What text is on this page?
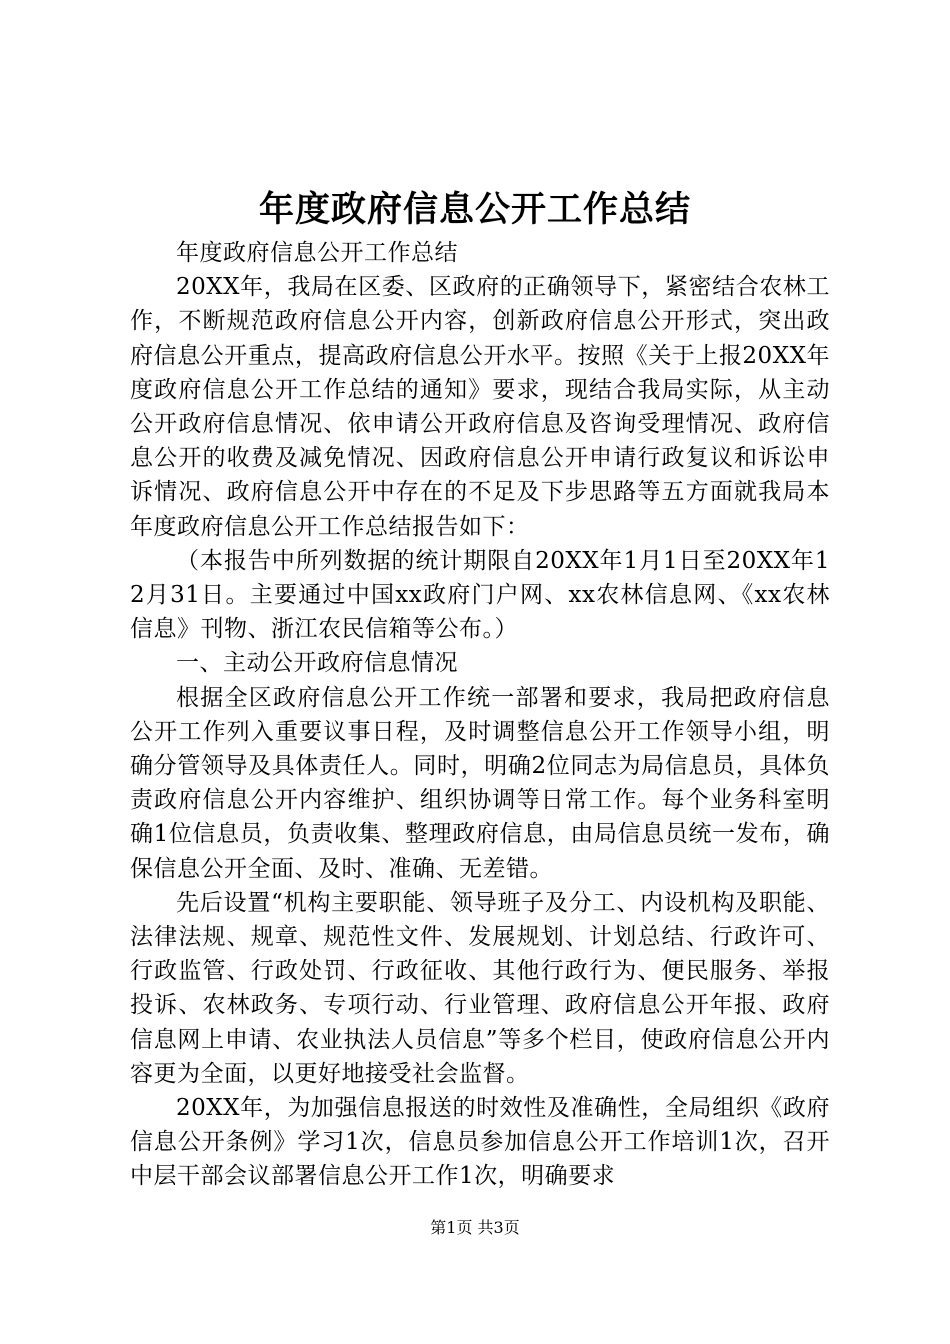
年度政府信息公开工作总结

年度政府信息公开工作总结

20XX年，我局在区委、区政府的正确领导下，紧密结合农林工作，不断规范政府信息公开内容，创新政府信息公开形式，突出政府信息公开重点，提高政府信息公开水平。按照《关于上报20XX年度政府信息公开工作总结的通知》要求，现结合我局实际，从主动公开政府信息情况、依申请公开政府信息及咨询受理情况、政府信息公开的收费及减免情况、因政府信息公开申请行政复议和诉讼申诉情况、政府信息公开中存在的不足及下步思路等五方面就我局本年度政府信息公开工作总结报告如下：

（本报告中所列数据的统计期限自20XX年1月1日至20XX年12月31日。主要通过中国xx政府门户网、xx农林信息网、《xx农林信息》刊物、浙江农民信箱等公布。）

一、主动公开政府信息情况

根据全区政府信息公开工作统一部署和要求，我局把政府信息公开工作列入重要议事日程，及时调整信息公开工作领导小组，明确分管领导及具体责任人。同时，明确2位同志为局信息员，具体负责政府信息公开内容维护、组织协调等日常工作。每个业务科室明确1位信息员，负责收集、整理政府信息，由局信息员统一发布，确保信息公开全面、及时、准确、无差错。

先后设置“机构主要职能、领导班子及分工、内设机构及职能、法律法规、规章、规范性文件、发展规划、计划总结、行政许可、行政监管、行政处罚、行政征收、其他行政行为、便民服务、举报投诉、农林政务、专项行动、行业管理、政府信息公开年报、政府信息网上申请、农业执法人员信息”等多个栏目，使政府信息公开内容更为全面，以更好地接受社会监督。

20XX年，为加强信息报送的时效性及准确性，全局组织《政府信息公开条例》学习1次，信息员参加信息公开工作培训1次，召开中层干部会议部署信息公开工作1次，明确要求

第1页 共3页
